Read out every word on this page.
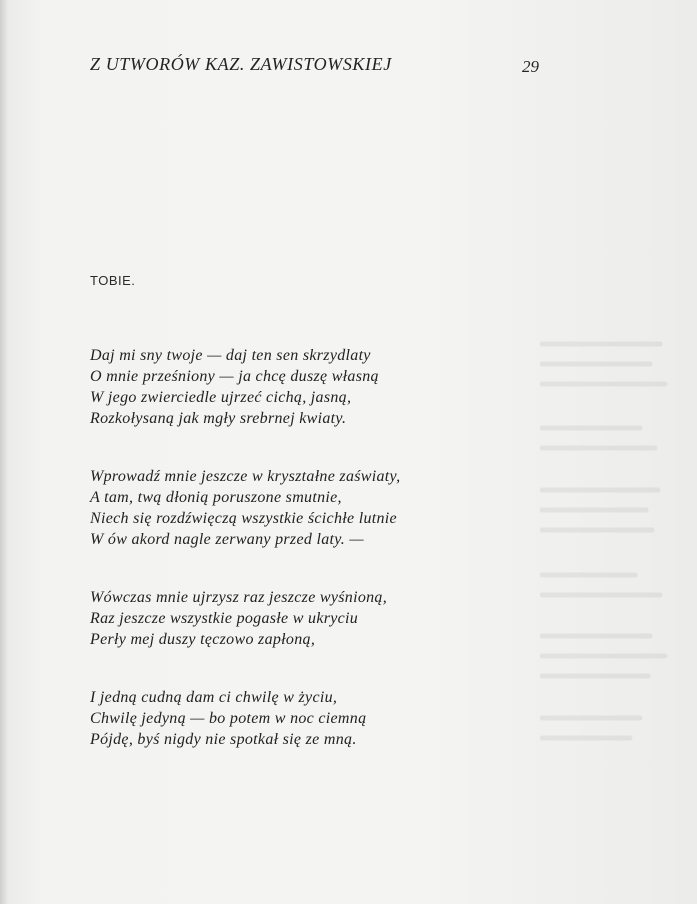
Z UTWORÓW KAZ. ZAWISTOWSKIEJ	29
TOBIE.
Daj mi sny twoje — daj ten sen skrzydlaty
O mnie prześniony — ja chcę duszę własną
W jego zwierciedle ujrzeć cichą, jasną,
Rozkołysaną jak mgły srebrnej kwiaty.
Wprowadź mnie jeszcze w kryształne zaświaty,
A tam, twą dłonią poruszone smutnie,
Niech się rozdźwięczą wszystkie ścichłe lutnie
W ów akord nagle zerwany przed laty. —
Wówczas mnie ujrzysz raz jeszcze wyśnioną,
Raz jeszcze wszystkie pogasłe w ukryciu
Perły mej duszy tęczowo zapłoną,
I jedną cudną dam ci chwilę w życiu,
Chwilę jedyną — bo potem w noc ciemną
Pójdę, byś nigdy nie spotkał się ze mną.
